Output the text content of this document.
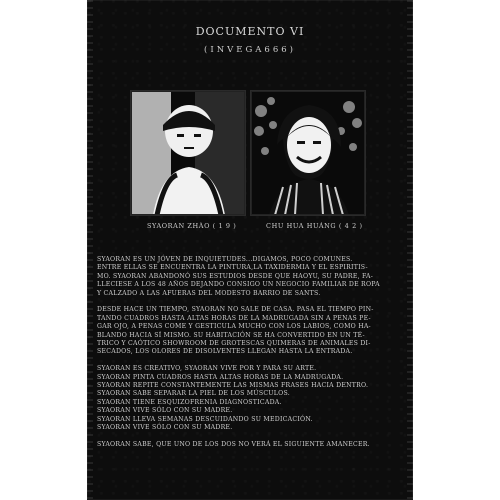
DOCUMENTO VI
(INVEGA666)
SYAORAN ZHÀO ( 1 9 )	CHU HUA HUÁNG ( 4 2 )
SYAORAN ES UN JÓVEN DE INQUIETUDES...DIGAMOS, POCO COMUNES.
ENTRE ELLAS SE ENCUENTRA LA PINTURA,LA TAXIDERMIA Y EL ESPIRITIS-
MO. SYAORAN ABANDONÓ SUS ESTUDIOS DESDE QUE HAOYU, SU PADRE, FA-
LLECIESE A LOS 48 AÑOS DEJANDO CONSIGO UN NEGOCIO FAMILIAR DE ROPA
Y CALZADO A LAS AFUERAS DEL MODESTO BARRIO DE SANTS.
DESDE HACE UN TIEMPO, SYAORAN NO SALE DE CASA. PASA EL TIEMPO PIN-
TANDO CUADROS HASTA ALTAS HORAS DE LA MADRUGADA SIN A PENAS PE-
GAR OJO, A PENAS COME Y GESTICULA MUCHO CON LOS LABIOS, COMO HA-
BLANDO HACIA SÍ MISMO. SU HABITACIÓN SE HA CONVERTIDO EN UN TÉ-
TRICO Y CAÓTICO SHOWROOM DE GROTESCAS QUIMERAS DE ANIMALES DI-
SECADOS, LOS OLORES DE DISOLVENTES LLEGAN HASTA LA ENTRADA.
SYAORAN ES CREATIVO, SYAORAN VIVE POR Y PARA SU ARTE.
SYAORAN PINTA CUADROS HASTA ALTAS HORAS DE LA MADRUGADA.
SYAORAN REPITE CONSTANTEMENTE LAS MISMAS FRASES HACIA DENTRO.
SYAORAN SABE SEPARAR LA PIEL DE LOS MÚSCULOS.
SYAORAN TIENE ESQUIZOFRENIA DIAGNOSTICADA.
SYAORAN VIVE SÓLO CON SU MADRE.
SYAORAN LLEVA SEMANAS DESCUIDANDO SU MEDICACIÓN.
SYAORAN VIVE SÓLO CON SU MADRE.
SYAORAN SABE, QUE UNO DE LOS DOS NO VERÁ EL SIGUIENTE AMANECER.
